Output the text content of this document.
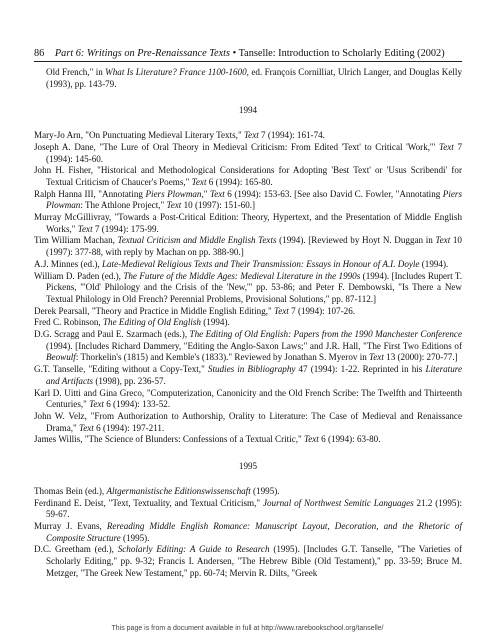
86 Part 6: Writings on Pre-Renaissance Texts • Tanselle: Introduction to Scholarly Editing (2002)

Old French," in What Is Literature? France 1100-1600, ed. François Cornilliat, Ulrich Langer, and Douglas Kelly (1993), pp. 143-79.

1994

Mary-Jo Arn, "On Punctuating Medieval Literary Texts," Text 7 (1994): 161-74.

Joseph A. Dane, "The Lure of Oral Theory in Medieval Criticism: From Edited 'Text' to Critical 'Work,'" Text 7 (1994): 145-60.

John H. Fisher, "Historical and Methodological Considerations for Adopting 'Best Text' or 'Usus Scribendi' for Textual Criticism of Chaucer's Poems," Text 6 (1994): 165-80.

Ralph Hanna III, "Annotating Piers Plowman," Text 6 (1994): 153-63. [See also David C. Fowler, "Annotating Piers Plowman: The Athlone Project," Text 10 (1997): 151-60.]

Murray McGillivray, "Towards a Post-Critical Edition: Theory, Hypertext, and the Presentation of Middle English Works," Text 7 (1994): 175-99.

Tim William Machan, Textual Criticism and Middle English Texts (1994). [Reviewed by Hoyt N. Duggan in Text 10 (1997): 377-88, with reply by Machan on pp. 388-90.]

A.J. Minnes (ed.), Late-Medieval Religious Texts and Their Transmission: Essays in Honour of A.I. Doyle (1994).

William D. Paden (ed.), The Future of the Middle Ages: Medieval Literature in the 1990s (1994). [Includes Rupert T. Pickens, "'Old' Philology and the Crisis of the 'New,'" pp. 53-86; and Peter F. Dembowski, "Is There a New Textual Philology in Old French? Perennial Problems, Provisional Solutions," pp. 87-112.]

Derek Pearsall, "Theory and Practice in Middle English Editing," Text 7 (1994): 107-26.

Fred C. Robinson, The Editing of Old English (1994).

D.G. Scragg and Paul E. Szarmach (eds.), The Editing of Old English: Papers from the 1990 Manchester Conference (1994). [Includes Richard Dammery, "Editing the Anglo-Saxon Laws;" and J.R. Hall, "The First Two Editions of Beowulf: Thorkelin's (1815) and Kemble's (1833)." Reviewed by Jonathan S. Myerov in Text 13 (2000): 270-77.]

G.T. Tanselle, "Editing without a Copy-Text," Studies in Bibliography 47 (1994): 1-22. Reprinted in his Literature and Artifacts (1998), pp. 236-57.

Karl D. Uitti and Gina Greco, "Computerization, Canonicity and the Old French Scribe: The Twelfth and Thirteenth Centuries," Text 6 (1994): 133-52.

John W. Velz, "From Authorization to Authorship, Orality to Literature: The Case of Medieval and Renaissance Drama," Text 6 (1994): 197-211.

James Willis, "The Science of Blunders: Confessions of a Textual Critic," Text 6 (1994): 63-80.

1995

Thomas Bein (ed.), Altgermanistische Editionswissenschaft (1995).

Ferdinand E. Deist, "Text, Textuality, and Textual Criticism," Journal of Northwest Semitic Languages 21.2 (1995): 59-67.

Murray J. Evans, Rereading Middle English Romance: Manuscript Layout, Decoration, and the Rhetoric of Composite Structure (1995).

D.C. Greetham (ed.), Scholarly Editing: A Guide to Research (1995). [Includes G.T. Tanselle, "The Varieties of Scholarly Editing," pp. 9-32; Francis I. Andersen, "The Hebrew Bible (Old Testament)," pp. 33-59; Bruce M. Metzger, "The Greek New Testament," pp. 60-74; Mervin R. Dilts, "Greek

This page is from a document available in full at http://www.rarebookschool.org/tanselle/
